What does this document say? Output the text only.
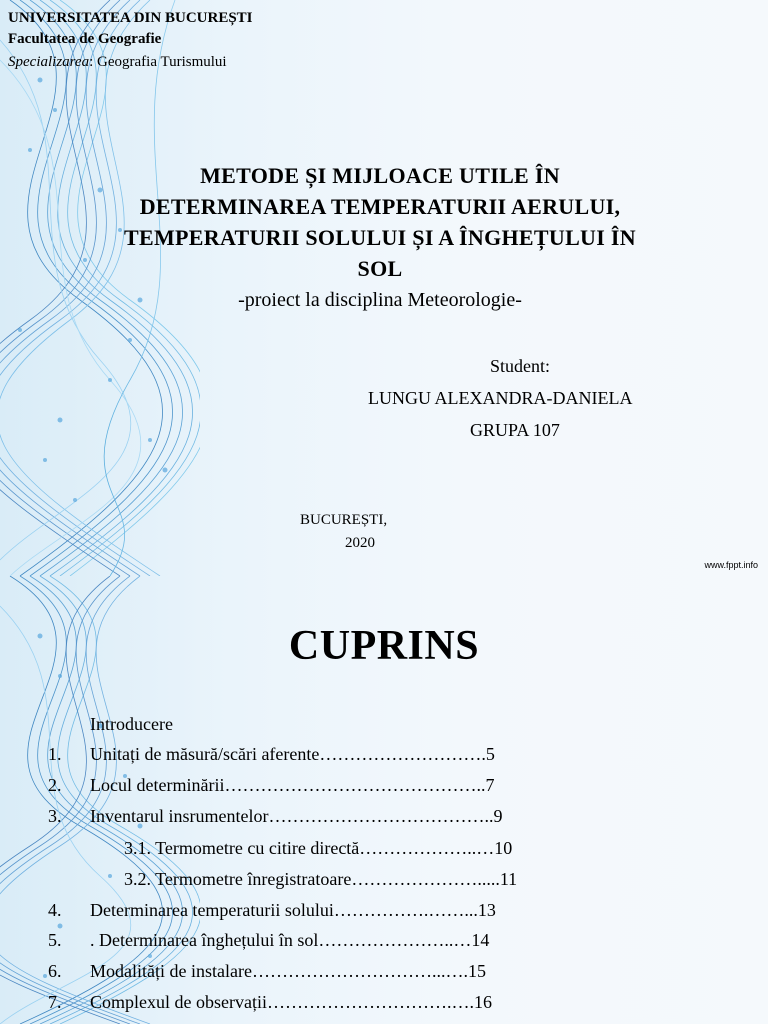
UNIVERSITATEA DIN BUCUREȘTI
Facultatea de Geografie
Specializarea: Geografia Turismului
METODE ȘI MIJLOACE UTILE ÎN
DETERMINAREA TEMPERATURII AERULUI,
TEMPERATURII SOLULUI ȘI A ÎNGHEȚULUI ÎN
SOL
-proiect la disciplina Meteorologie-
Student:
LUNGU ALEXANDRA-DANIELA
GRUPA 107
BUCUREȘTI,
2020
www.fppt.info
CUPRINS
Introducere
1. Unitați de măsură/scări aferente……………………….5
2. Locul determinării……………………………………..7
3. Inventarul insrumentelor………………………………..9
3.1. Termometre cu citire directă………………..…10
3.2. Termometre înregistratoare………………….....11
4. Determinarea temperaturii solului…………….……...13
5. . Determinarea înghețului în sol…………………..…14
6. Modalități de instalare…………………………...….15
7. Complexul de observații………………………….….16
